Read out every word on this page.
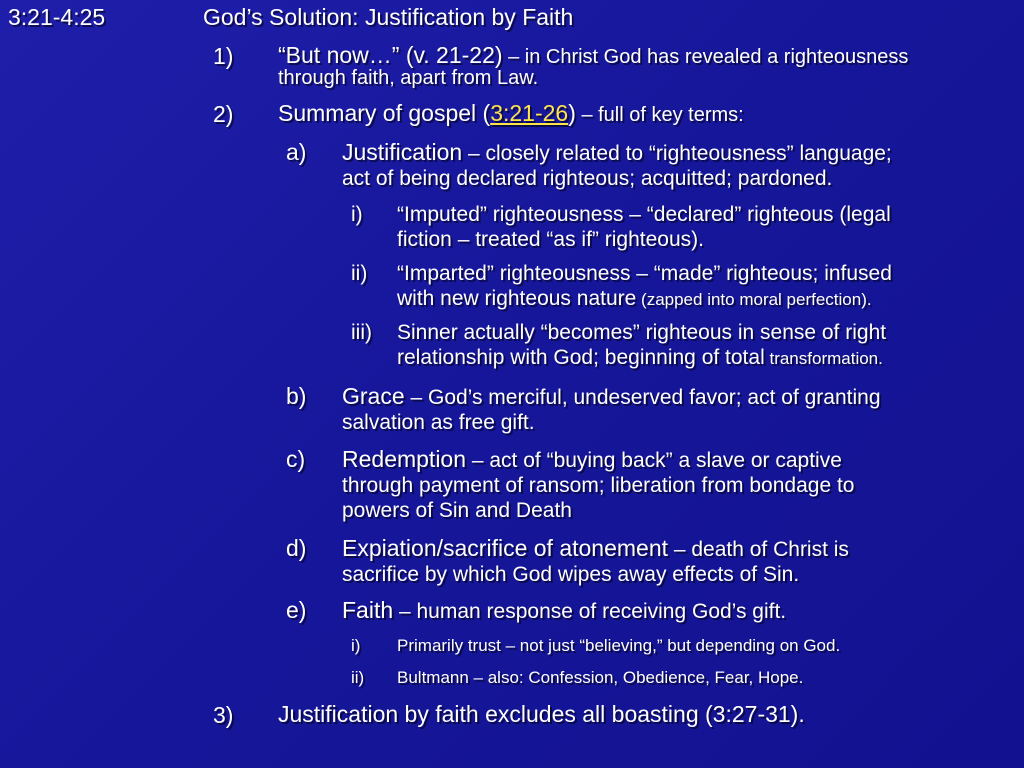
3:21-4:25	God’s Solution: Justification by Faith
1) “But now…” (v. 21-22) – in Christ God has revealed a righteousness
through faith, apart from Law.
2) Summary of gospel (3:21-26) – full of key terms:
a) Justification – closely related to “righteousness” language;
act of being declared righteous; acquitted; pardoned.
i) “Imputed” righteousness – “declared” righteous (legal
fiction – treated “as if” righteous).
ii) “Imparted” righteousness – “made” righteous; infused
with new righteous nature (zapped into moral perfection).
iii) Sinner actually “becomes” righteous in sense of right
relationship with God; beginning of total transformation.
b) Grace – God’s merciful, undeserved favor; act of granting
salvation as free gift.
c) Redemption – act of “buying back” a slave or captive
through payment of ransom; liberation from bondage to
powers of Sin and Death
d) Expiation/sacrifice of atonement – death of Christ is
sacrifice by which God wipes away effects of Sin.
e) Faith – human response of receiving God’s gift.
i) Primarily trust – not just “believing,” but depending on God.
ii) Bultmann – also: Confession, Obedience, Fear, Hope.
3) Justification by faith excludes all boasting (3:27-31).
